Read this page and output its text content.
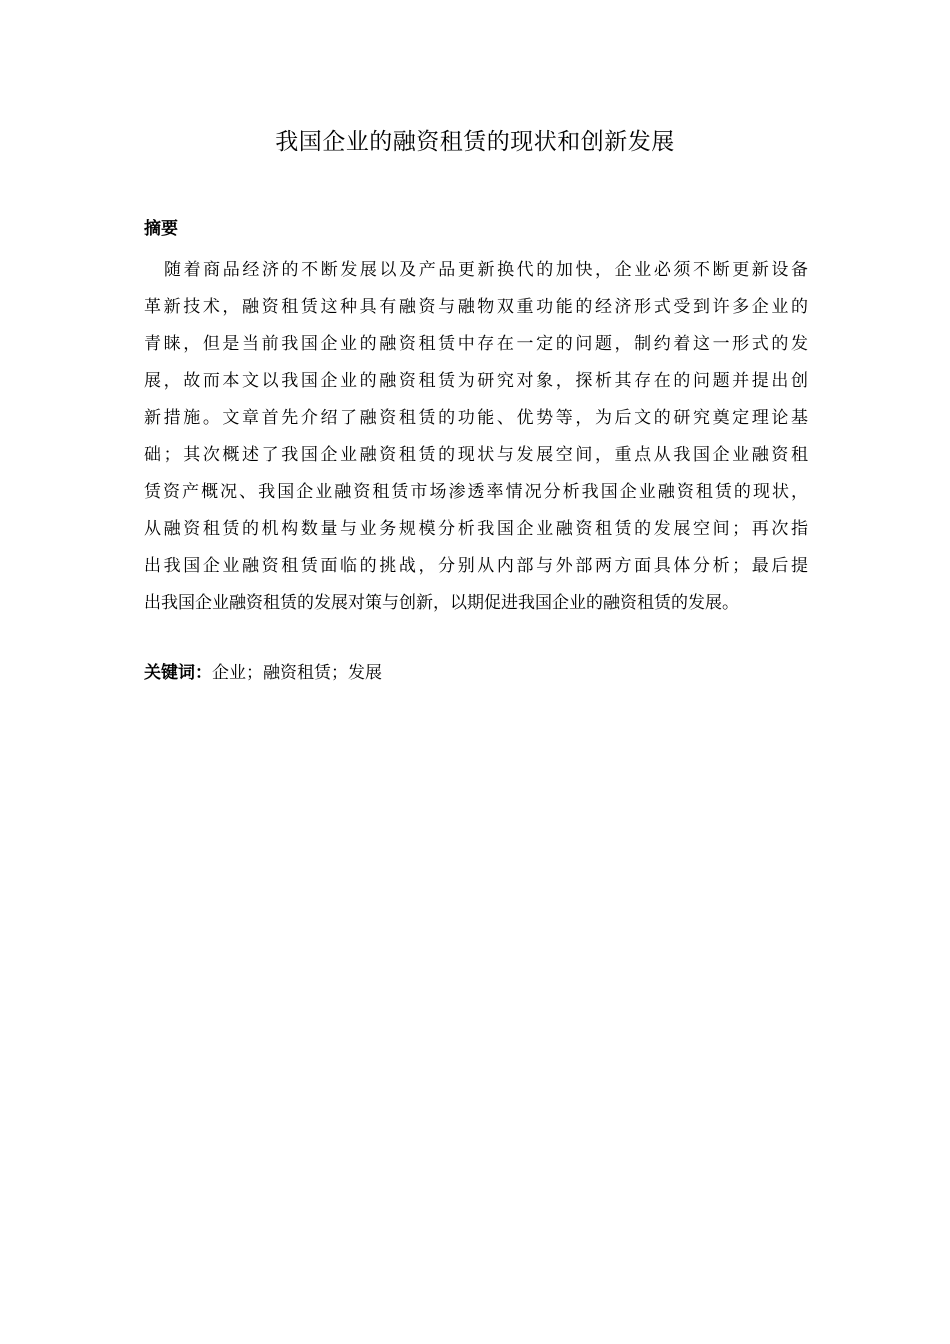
我国企业的融资租赁的现状和创新发展
摘要
随着商品经济的不断发展以及产品更新换代的加快，企业必须不断更新设备
革新技术，融资租赁这种具有融资与融物双重功能的经济形式受到许多企业的
青睐，但是当前我国企业的融资租赁中存在一定的问题，制约着这一形式的发
展，故而本文以我国企业的融资租赁为研究对象，探析其存在的问题并提出创
新措施。文章首先介绍了融资租赁的功能、优势等，为后文的研究奠定理论基
础；其次概述了我国企业融资租赁的现状与发展空间，重点从我国企业融资租
赁资产概况、我国企业融资租赁市场渗透率情况分析我国企业融资租赁的现状，
从融资租赁的机构数量与业务规模分析我国企业融资租赁的发展空间；再次指
出我国企业融资租赁面临的挑战，分别从内部与外部两方面具体分析；最后提
出我国企业融资租赁的发展对策与创新，以期促进我国企业的融资租赁的发展。
关键词：企业；融资租赁；发展
